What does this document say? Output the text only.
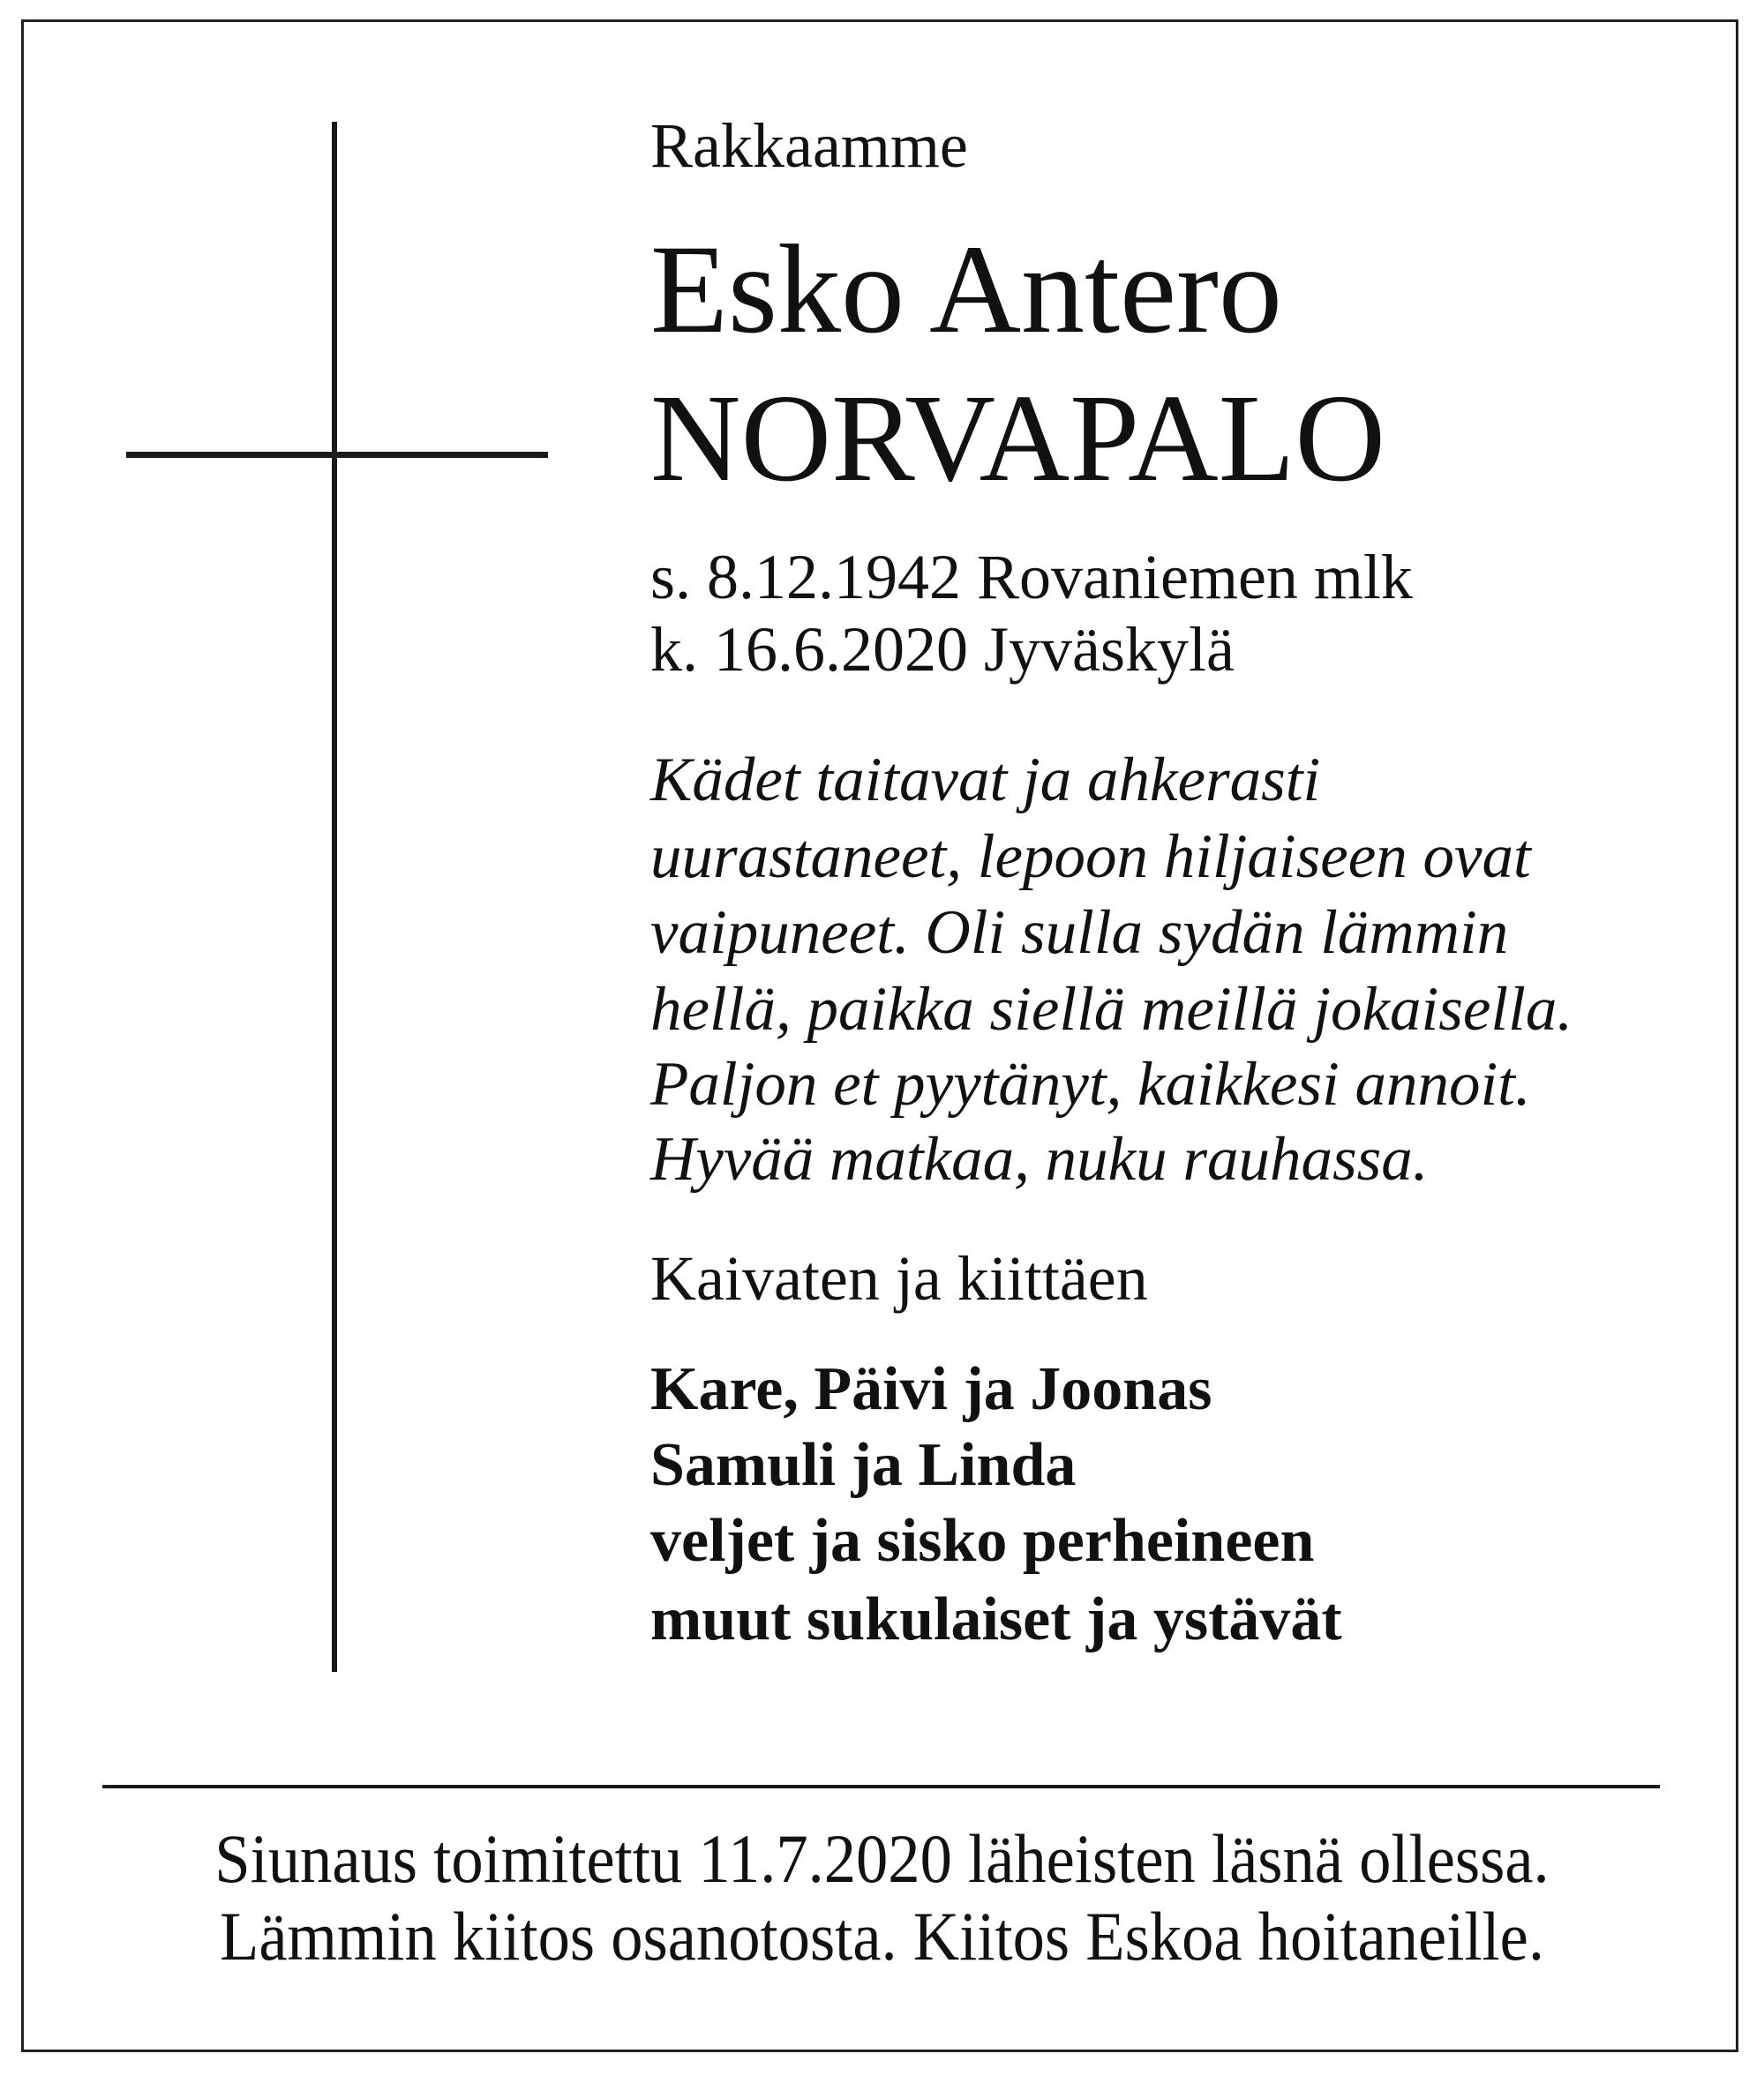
Rakkaamme
Esko Antero
NORVAPALO
s. 8.12.1942 Rovaniemen mlk
k. 16.6.2020 Jyväskylä
Kädet taitavat ja ahkerasti
uurastaneet, lepoon hiljaiseen ovat
vaipuneet. Oli sulla sydän lämmin
hellä, paikka siellä meillä jokaisella.
Paljon et pyytänyt, kaikkesi annoit.
Hyvää matkaa, nuku rauhassa.
Kaivaten ja kiittäen
Kare, Päivi ja Joonas
Samuli ja Linda
veljet ja sisko perheineen
muut sukulaiset ja ystävät
Siunaus toimitettu 11.7.2020 läheisten läsnä ollessa.
Lämmin kiitos osanotosta. Kiitos Eskoa hoitaneille.
